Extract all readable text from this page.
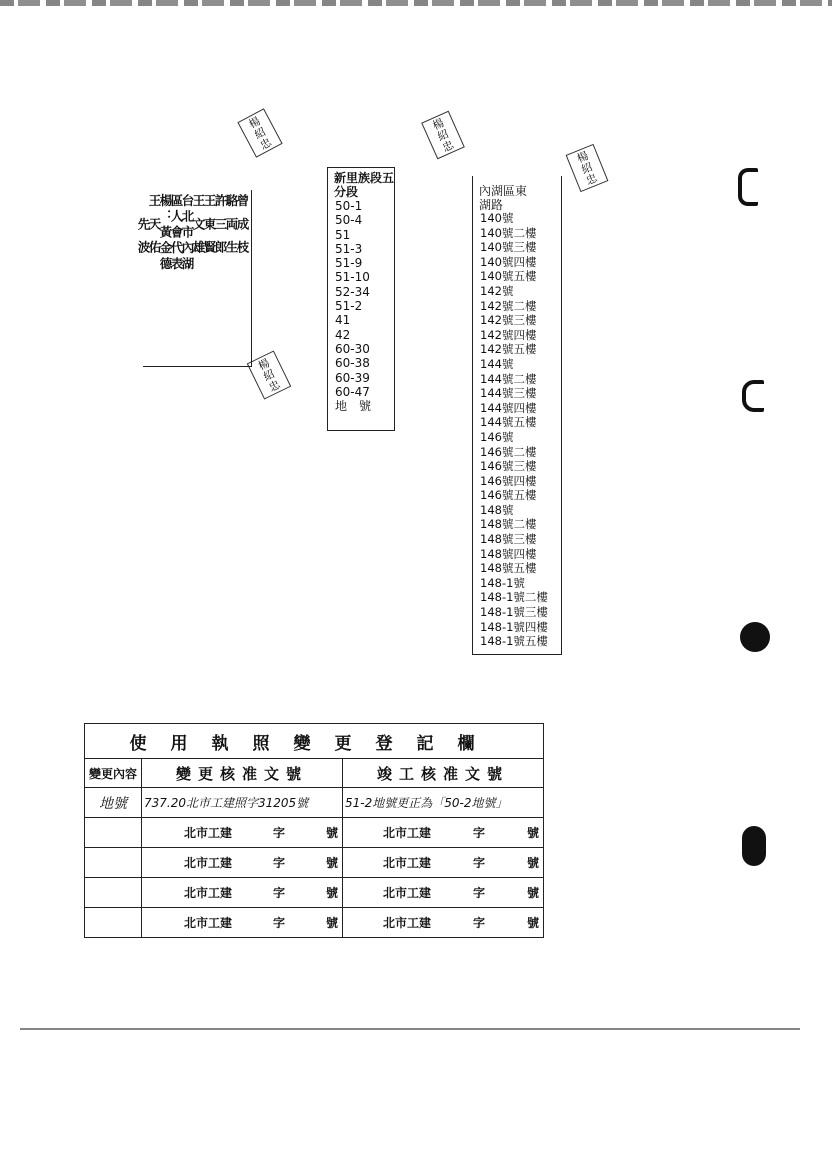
楊
紹
忠
楊
紹
忠
楊
紹
忠
楊
紹
忠
曾 成 枝
駱 両 生
許 三 郎
王 東 賢
王 文 雄
台北市內湖
區人會代表
楊：黃金德
王 天 佑
　 先 波
新里族段五分段
50-1
50-4
51
51-3
51-9
51-10
52-34
51-2
41
42
60-30
60-38
60-39
60-47
地　號
內湖區東
湖路
140號
140號二樓
140號三樓
140號四樓
140號五樓
142號
142號二樓
142號三樓
142號四樓
142號五樓
144號
144號二樓
144號三樓
144號四樓
144號五樓
146號
146號二樓
146號三樓
146號四樓
146號五樓
148號
148號二樓
148號三樓
148號四樓
148號五樓
148-1號
148-1號二樓
148-1號三樓
148-1號四樓
148-1號五樓
使用執照變更登記欄		
變更內容	變更核准文號	竣工核准文號
地號	737.20北市工建照字31205號	51-2地號更正為「50-2地號」

	北市工建 字 號	北市工建 字 號

	北市工建 字 號	北市工建 字 號

	北市工建 字 號	北市工建 字 號

	北市工建 字 號	北市工建 字 號
